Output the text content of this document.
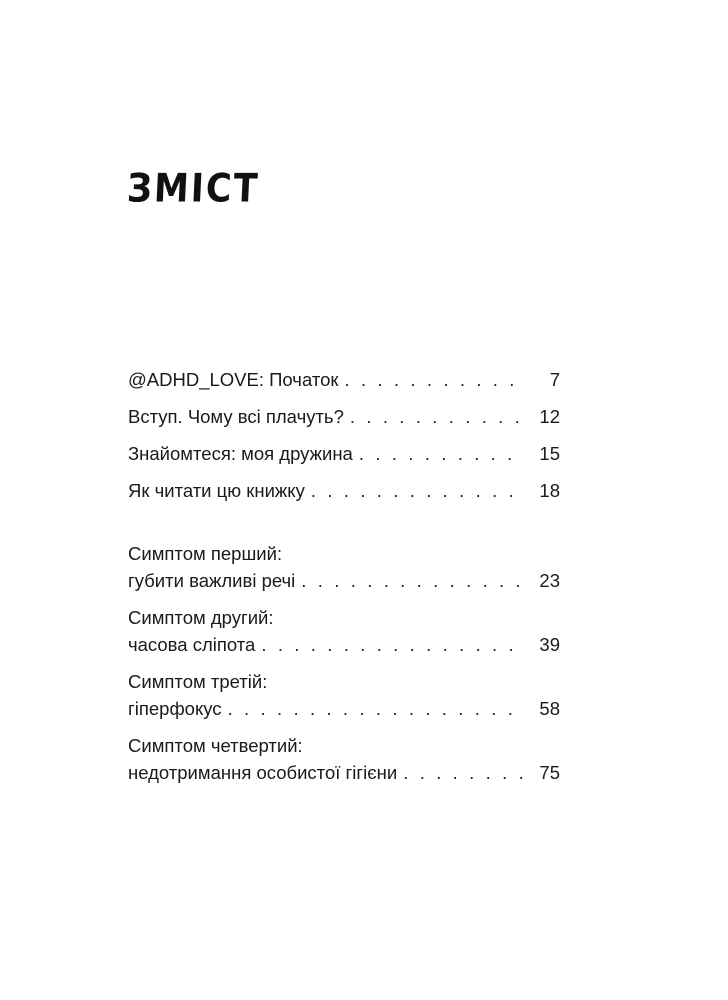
ЗМІСТ
@ADHD_LOVE: Початок . . .	7
Вступ. Чому всі плачуть? . . .	12
Знайомтеся: моя дружина . . .	15
Як читати цю книжку . . .	18
Симптом перший:
губити важливі речі . . .	23
Симптом другий:
часова сліпота . . .	39
Симптом третій:
гіперфокус . . .	58
Симптом четвертий:
недотримання особистої гігієни . . .	75
